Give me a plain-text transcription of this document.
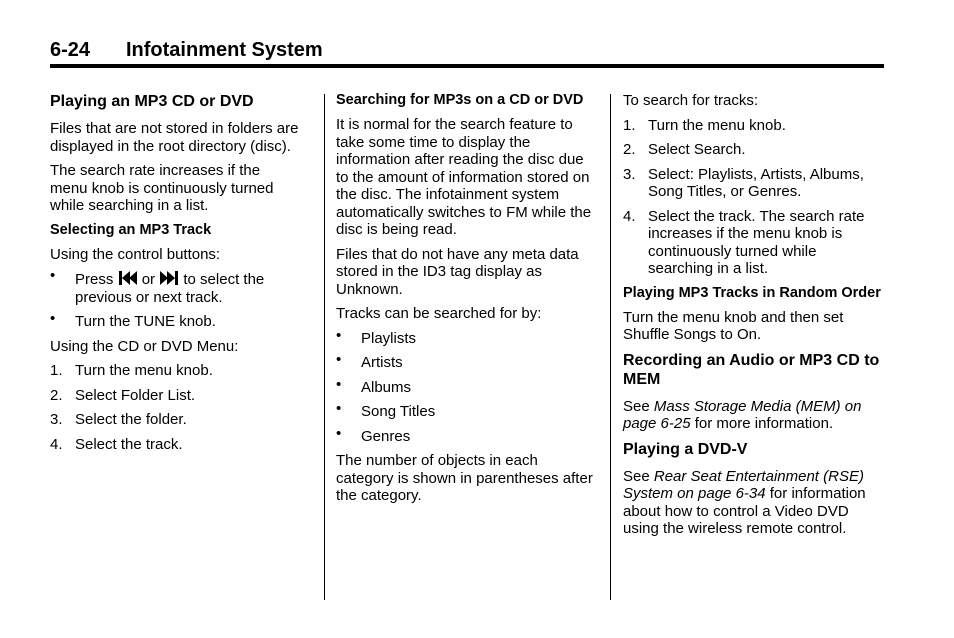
6-24 Infotainment System
Playing an MP3 CD or DVD

Files that are not stored in folders are displayed in the root directory (disc).

The search rate increases if the menu knob is continuously turned while searching in a list.

Selecting an MP3 Track

Using the control buttons:

• Press or to select the previous or next track.
• Turn the TUNE knob.

Using the CD or DVD Menu:

1. Turn the menu knob.
2. Select Folder List.
3. Select the folder.
4. Select the track.
Searching for MP3s on a CD or DVD

It is normal for the search feature to take some time to display the information after reading the disc due to the amount of information stored on the disc. The infotainment system automatically switches to FM while the disc is being read.

Files that do not have any meta data stored in the ID3 tag display as Unknown.

Tracks can be searched for by:

• Playlists
• Artists
• Albums
• Song Titles
• Genres

The number of objects in each category is shown in parentheses after the category.

To search for tracks:

1. Turn the menu knob.
2. Select Search.
3. Select: Playlists, Artists, Albums, Song Titles, or Genres.
4. Select the track. The search rate increases if the menu knob is continuously turned while searching in a list.
Playing MP3 Tracks in Random Order

Turn the menu knob and then set Shuffle Songs to On.

Recording an Audio or MP3 CD to MEM

See Mass Storage Media (MEM) on page 6-25 for more information.

Playing a DVD-V

See Rear Seat Entertainment (RSE) System on page 6-34 for information about how to control a Video DVD using the wireless remote control.
